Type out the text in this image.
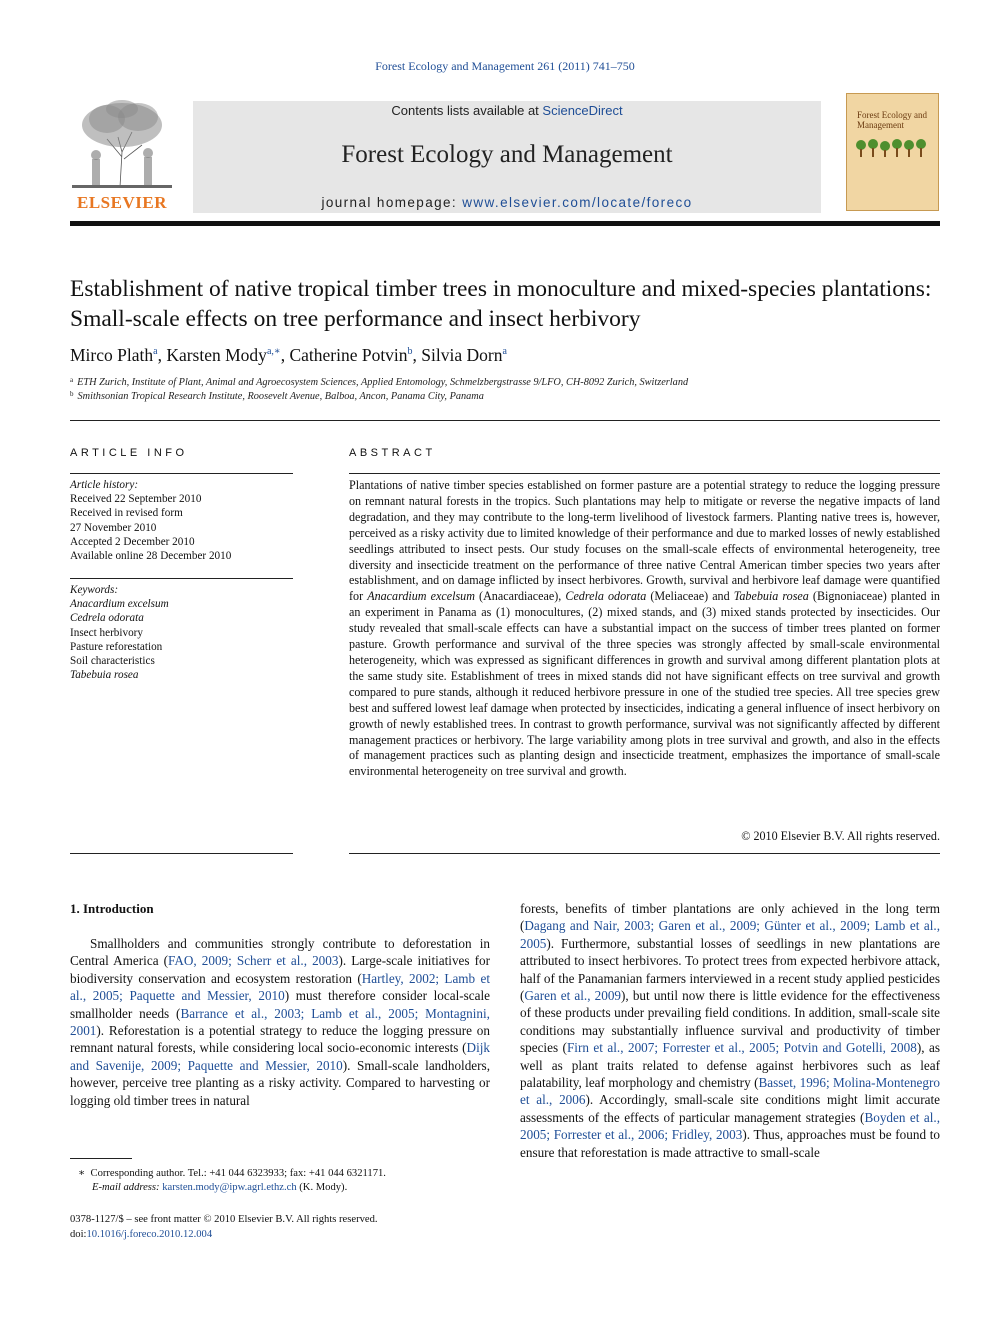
Forest Ecology and Management 261 (2011) 741–750
ELSEVIER
Contents lists available at ScienceDirect
Forest Ecology and Management
journal homepage: www.elsevier.com/locate/foreco
Forest Ecology and Management
Establishment of native tropical timber trees in monoculture and mixed-species plantations: Small-scale effects on tree performance and insect herbivory
Mirco Plath$^a$, Karsten Mody$^{a,∗}$, Catherine Potvin$^b$, Silvia Dorn$^a$
$^a$ ETH Zurich, Institute of Plant, Animal and Agroecosystem Sciences, Applied Entomology, Schmelzbergstrasse 9/LFO, CH-8092 Zurich, Switzerland
$^b$ Smithsonian Tropical Research Institute, Roosevelt Avenue, Balboa, Ancon, Panama City, Panama
ARTICLE INFO
Article history:
Received 22 September 2010
Received in revised form
27 November 2010
Accepted 2 December 2010
Available online 28 December 2010
Keywords:
Anacardium excelsum
Cedrela odorata
Insect herbivory
Pasture reforestation
Soil characteristics
Tabebuia rosea
ABSTRACT
Plantations of native timber species established on former pasture are a potential strategy to reduce the logging pressure on remnant natural forests in the tropics. Such plantations may help to mitigate or reverse the negative impacts of land degradation, and they may contribute to the long-term livelihood of livestock farmers. Planting native trees is, however, perceived as a risky activity due to limited knowledge of their performance and due to marked losses of newly established seedlings attributed to insect pests. Our study focuses on the small-scale effects of environmental heterogeneity, tree diversity and insecticide treatment on the performance of three native Central American timber species two years after establishment, and on damage inflicted by insect herbivores. Growth, survival and herbivore leaf damage were quantified for Anacardium excelsum (Anacardiaceae), Cedrela odorata (Meliaceae) and Tabebuia rosea (Bignoniaceae) planted in an experiment in Panama as (1) monocultures, (2) mixed stands, and (3) mixed stands protected by insecticides. Our study revealed that small-scale effects can have a substantial impact on the success of timber trees planted on former pasture. Growth performance and survival of the three species was strongly affected by small-scale environmental heterogeneity, which was expressed as significant differences in growth and survival among different plantation plots at the same study site. Establishment of trees in mixed stands did not have significant effects on tree survival and growth compared to pure stands, although it reduced herbivore pressure in one of the studied tree species. All tree species grew best and suffered lowest leaf damage when protected by insecticides, indicating a general influence of insect herbivory on growth of newly established trees. In contrast to growth performance, survival was not significantly affected by different management practices or herbivory. The large variability among plots in tree survival and growth, and also in the effects of management practices such as planting design and insecticide treatment, emphasizes the importance of small-scale environmental heterogeneity on tree survival and growth.
© 2010 Elsevier B.V. All rights reserved.
1. Introduction
Smallholders and communities strongly contribute to deforestation in Central America (FAO, 2009; Scherr et al., 2003). Large-scale initiatives for biodiversity conservation and ecosystem restoration (Hartley, 2002; Lamb et al., 2005; Paquette and Messier, 2010) must therefore consider local-scale smallholder needs (Barrance et al., 2003; Lamb et al., 2005; Montagnini, 2001). Reforestation is a potential strategy to reduce the logging pressure on remnant natural forests, while considering local socio-economic interests (Dijk and Savenije, 2009; Paquette and Messier, 2010). Small-scale landholders, however, perceive tree planting as a risky activity. Compared to harvesting or logging old timber trees in natural
forests, benefits of timber plantations are only achieved in the long term (Dagang and Nair, 2003; Garen et al., 2009; Günter et al., 2009; Lamb et al., 2005). Furthermore, substantial losses of seedlings in new plantations are attributed to insect herbivores. To protect trees from expected herbivore attack, half of the Panamanian farmers interviewed in a recent study applied pesticides (Garen et al., 2009), but until now there is little evidence for the effectiveness of these products under prevailing field conditions. In addition, small-scale site conditions may substantially influence survival and productivity of timber species (Firn et al., 2007; Forrester et al., 2005; Potvin and Gotelli, 2008), as well as plant traits related to defense against herbivores such as leaf palatability, leaf morphology and chemistry (Basset, 1996; Molina-Montenegro et al., 2006). Accordingly, small-scale site conditions might limit accurate assessments of the effects of particular management strategies (Boyden et al., 2005; Forrester et al., 2006; Fridley, 2003). Thus, approaches must be found to ensure that reforestation is made attractive to small-scale
∗ Corresponding author. Tel.: +41 044 6323933; fax: +41 044 6321171.
E-mail address: karsten.mody@ipw.agrl.ethz.ch (K. Mody).
0378-1127/$ – see front matter © 2010 Elsevier B.V. All rights reserved.
doi:10.1016/j.foreco.2010.12.004
